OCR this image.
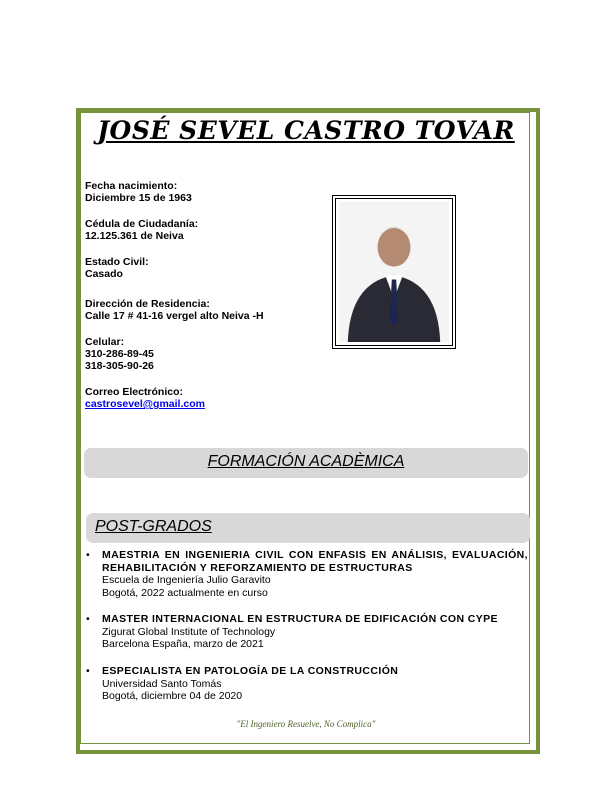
JOSÉ SEVEL CASTRO TOVAR
Fecha nacimiento:
Diciembre 15 de 1963
Cédula de Ciudadanía:
12.125.361 de Neiva
Estado Civil:
Casado
Dirección de Residencia:
Calle 17 # 41-16 vergel alto Neiva -H
Celular:
310-286-89-45
318-305-90-26
Correo Electrónico:
castrosevel@gmail.com
FORMACIÓN ACADÈMICA
POST-GRADOS
• MAESTRIA EN INGENIERIA CIVIL CON ENFASIS EN ANÁLISIS, EVALUACIÓN, REHABILITACIÓN Y REFORZAMIENTO DE ESTRUCTURAS
Escuela de Ingeniería Julio Garavito
Bogotá, 2022 actualmente en curso
• MASTER INTERNACIONAL EN ESTRUCTURA DE EDIFICACIÓN CON CYPE
Zigurat Global Institute of Technology
Barcelona España, marzo de 2021
• ESPECIALISTA EN PATOLOGÍA DE LA CONSTRUCCIÓN
Universidad Santo Tomás
Bogotá, diciembre 04 de 2020
"El Ingeniero Resuelve, No Complica"
